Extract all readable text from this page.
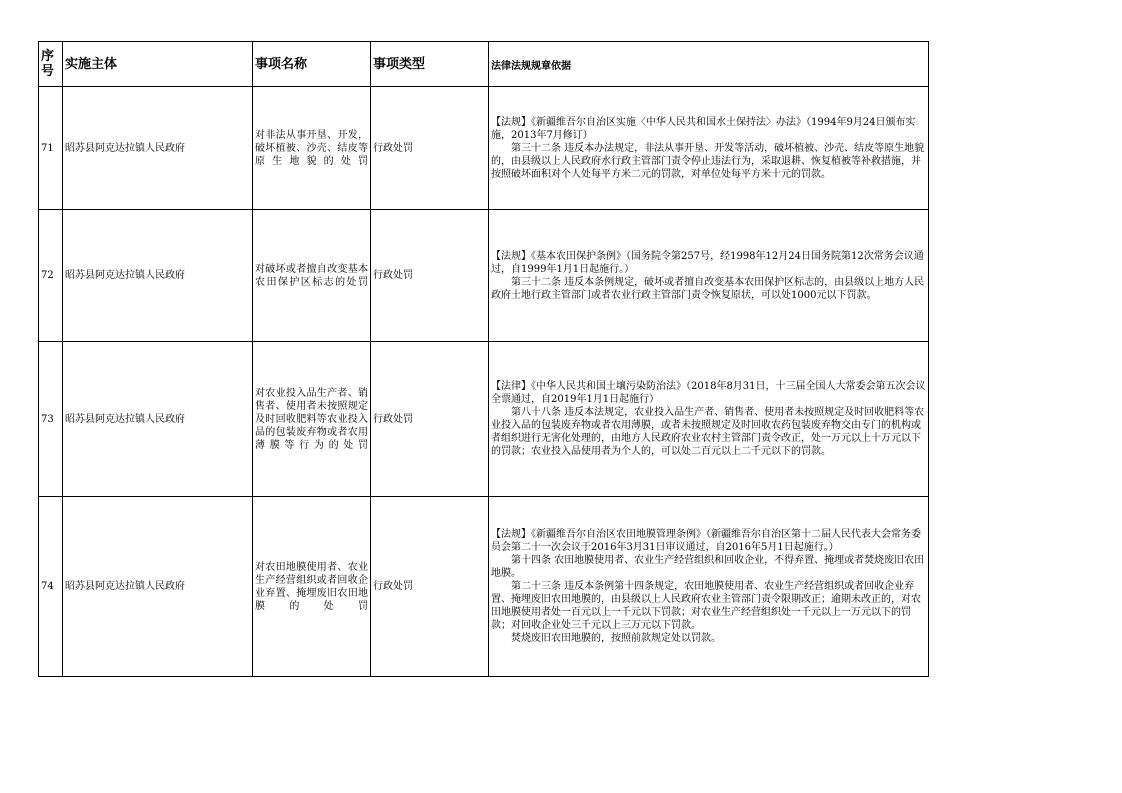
序号	实施主体	事项名称	事项类型	法律法规规章依据
71	昭苏县阿克达拉镇人民政府	对非法从事开垦、开发，破坏植被、沙壳、结皮等原生地貌的处罚	行政处罚	【法规】《新疆维吾尔自治区实施〈中华人民共和国水土保持法〉办法》（1994年9月24日颁布实施，2013年7月修订）

第三十二条 违反本办法规定，非法从事开垦、开发等活动，破坏植被、沙壳、结皮等原生地貌的，由县级以上人民政府水行政主管部门责令停止违法行为，采取退耕、恢复植被等补救措施，并按照破坏面积对个人处每平方米二元的罚款，对单位处每平方米十元的罚款。

72	昭苏县阿克达拉镇人民政府	对破坏或者擅自改变基本农田保护区标志的处罚	行政处罚	【法规】《基本农田保护条例》（国务院令第257号，经1998年12月24日国务院第12次常务会议通过，自1999年1月1日起施行。）

第三十二条 违反本条例规定，破坏或者擅自改变基本农田保护区标志的，由县级以上地方人民政府土地行政主管部门或者农业行政主管部门责令恢复原状，可以处1000元以下罚款。

73	昭苏县阿克达拉镇人民政府	对农业投入品生产者、销售者、使用者未按照规定及时回收肥料等农业投入品的包装废弃物或者农用薄膜等行为的处罚	行政处罚	【法律】《中华人民共和国土壤污染防治法》（2018年8月31日，十三届全国人大常委会第五次会议全票通过，自2019年1月1日起施行）

第八十八条 违反本法规定，农业投入品生产者、销售者、使用者未按照规定及时回收肥料等农业投入品的包装废弃物或者农用薄膜，或者未按照规定及时回收农药包装废弃物交由专门的机构或者组织进行无害化处理的，由地方人民政府农业农村主管部门责令改正，处一万元以上十万元以下的罚款；农业投入品使用者为个人的，可以处二百元以上二千元以下的罚款。

74	昭苏县阿克达拉镇人民政府	对农田地膜使用者、农业生产经营组织或者回收企业弃置、掩埋废旧农田地膜的处罚	行政处罚	【法规】《新疆维吾尔自治区农田地膜管理条例》（新疆维吾尔自治区第十二届人民代表大会常务委员会第二十一次会议于2016年3月31日审议通过，自2016年5月1日起施行。）

第十四条 农田地膜使用者、农业生产经营组织和回收企业，不得弃置、掩埋或者焚烧废旧农田地膜。

第二十三条 违反本条例第十四条规定，农田地膜使用者、农业生产经营组织或者回收企业弃置、掩埋废旧农田地膜的，由县级以上人民政府农业主管部门责令限期改正；逾期未改正的，对农田地膜使用者处一百元以上一千元以下罚款；对农业生产经营组织处一千元以上一万元以下的罚款；对回收企业处三千元以上三万元以下罚款。

焚烧废旧农田地膜的，按照前款规定处以罚款。
